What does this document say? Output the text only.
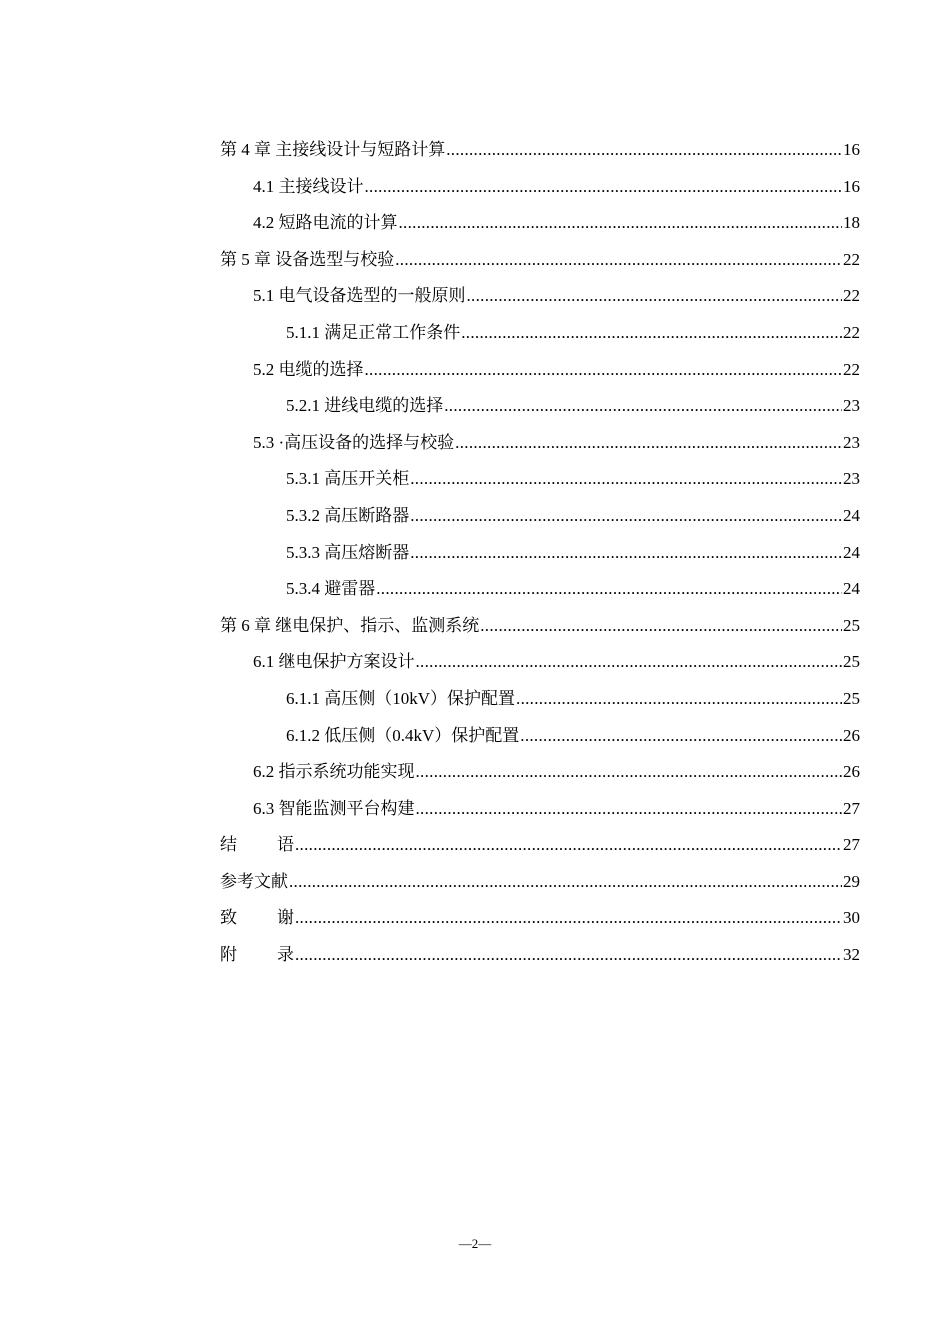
第 4 章 主接线设计与短路计算 .....	16
4.1 主接线设计 .....	16
4.2 短路电流的计算 .....	18
第 5 章 设备选型与校验 .....	22
5.1 电气设备选型的一般原则 .....	22
5.1.1 满足正常工作条件 .....	22
5.2 电缆的选择 .....	22
5.2.1 进线电缆的选择 .....	23
5.3 ·高压设备的选择与校验 .....	23
5.3.1 高压开关柜 .....	23
5.3.2 高压断路器 .....	24
5.3.3 高压熔断器 .....	24
5.3.4 避雷器 .....	24
第 6 章 继电保护、指示、监测系统 .....	25
6.1 继电保护方案设计 .....	25
6.1.1 高压侧（10kV）保护配置 .....	25
6.1.2 低压侧（0.4kV）保护配置 .....	26
6.2 指示系统功能实现 .....	26
6.3 智能监测平台构建 .....	27
结 语 .....	27
参考文献 .....	29
致 谢 .....	30
附 录 .....	32
—2—
